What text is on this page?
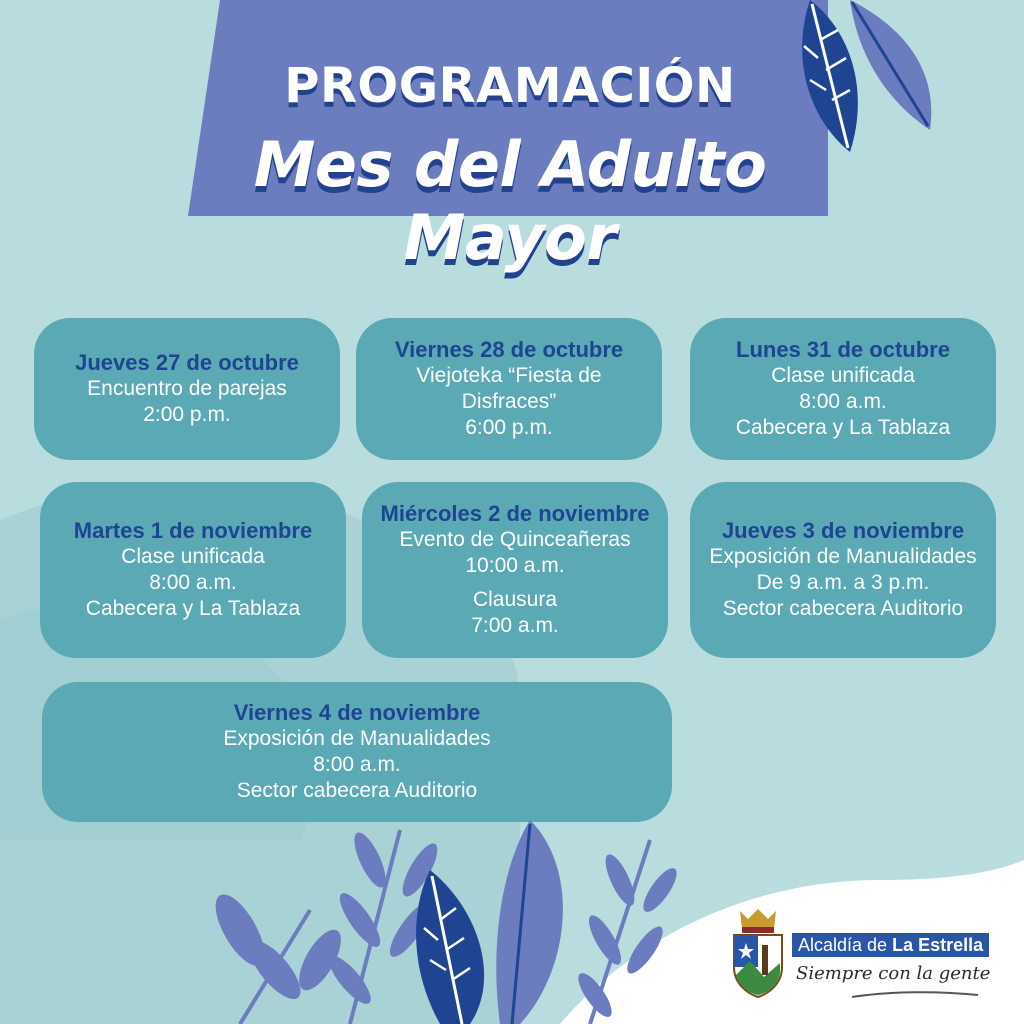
PROGRAMACIÓN
Mes del Adulto Mayor
Jueves 27 de octubre
Encuentro de parejas
2:00 p.m.
Viernes 28 de octubre
Viejoteka “Fiesta de
Disfraces”
6:00 p.m.
Lunes 31 de octubre
Clase unificada
8:00 a.m.
Cabecera y La Tablaza
Martes 1 de noviembre
Clase unificada
8:00 a.m.
Cabecera y La Tablaza
Miércoles 2 de noviembre
Evento de Quinceañeras
10:00 a.m.
Clausura
7:00 a.m.
Jueves 3 de noviembre
Exposición de Manualidades
De 9 a.m. a 3 p.m.
Sector cabecera Auditorio
Viernes 4 de noviembre
Exposición de Manualidades
8:00 a.m.
Sector cabecera Auditorio
Alcaldía de La Estrella
Siempre con la gente
